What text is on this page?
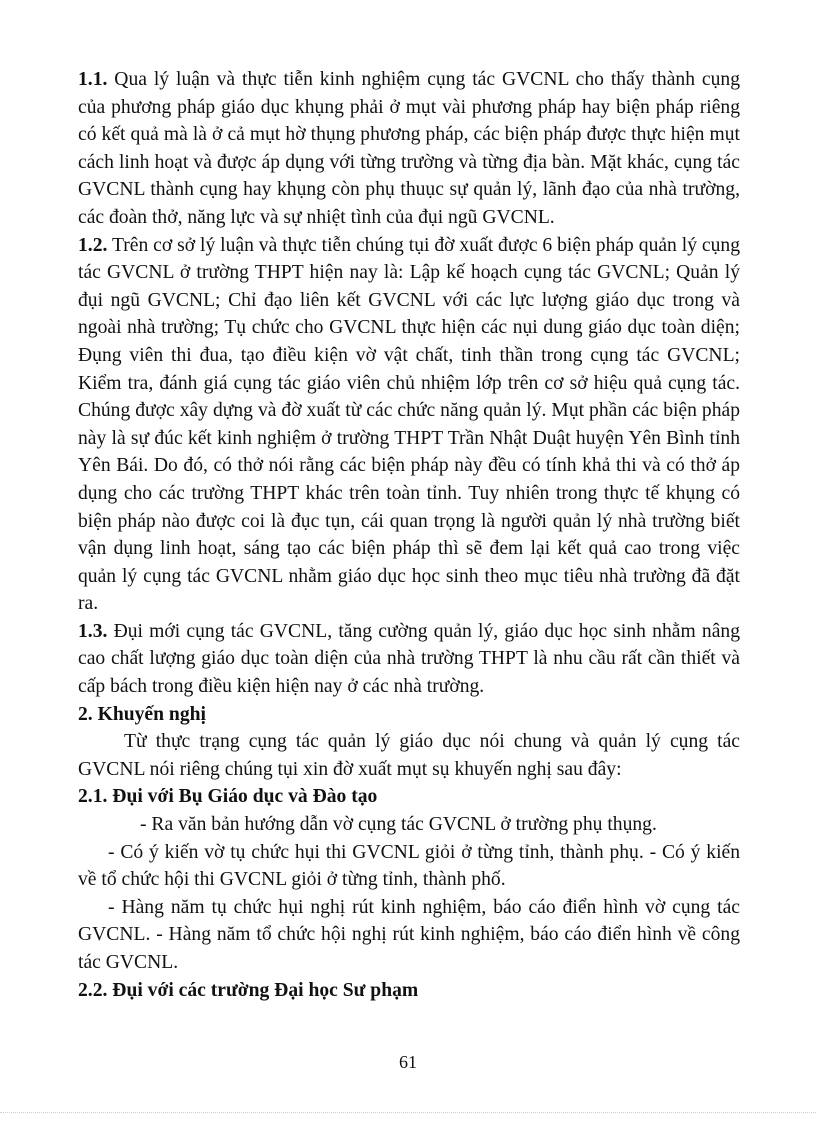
1.1. Qua lý luận và thực tiễn kinh nghiệm cụng tác GVCNL cho thấy thành cụng của phương pháp giáo dục khụng phải ở mụt vài phương pháp hay biện pháp riêng có kết quả mà là ở cả mụt hờ thụng phương pháp, các biện pháp được thực hiện mụt cách linh hoạt và được áp dụng với từng trường và từng địa bàn. Mặt khác, cụng tác GVCNL thành cụng hay khụng còn phụ thuục sự quản lý, lãnh đạo của nhà trường, các đoàn thở, năng lực và sự nhiệt tình của đụi ngũ GVCNL.

1.2. Trên cơ sở lý luận và thực tiễn chúng tụi đờ xuất được 6 biện pháp quản lý cụng tác GVCNL ở trường THPT hiện nay là: Lập kế hoạch cụng tác GVCNL; Quản lý đụi ngũ GVCNL; Chỉ đạo liên kết GVCNL với các lực lượng giáo dục trong và ngoài nhà trường; Tụ chức cho GVCNL thực hiện các nụi dung giáo dục toàn diện; Đụng viên thi đua, tạo điều kiện vờ vật chất, tinh thần trong cụng tác GVCNL; Kiểm tra, đánh giá cụng tác giáo viên chủ nhiệm lớp trên cơ sở hiệu quả cụng tác. Chúng được xây dựng và đờ xuất từ các chức năng quản lý. Mụt phần các biện pháp này là sự đúc kết kinh nghiệm ở trường THPT Trần Nhật Duật huyện Yên Bình tỉnh Yên Bái. Do đó, có thở nói rằng các biện pháp này đều có tính khả thi và có thở áp dụng cho các trường THPT khác trên toàn tỉnh. Tuy nhiên trong thực tế khụng có biện pháp nào được coi là đục tụn, cái quan trọng là người quản lý nhà trường biết vận dụng linh hoạt, sáng tạo các biện pháp thì sẽ đem lại kết quả cao trong việc quản lý cụng tác GVCNL nhằm giáo dục học sinh theo mục tiêu nhà trường đã đặt ra.

1.3. Đụi mới cụng tác GVCNL, tăng cường quản lý, giáo dục học sinh nhằm nâng cao chất lượng giáo dục toàn diện của nhà trường THPT là nhu cầu rất cần thiết và cấp bách trong điều kiện hiện nay ở các nhà trường.

2. Khuyến nghị

Từ thực trạng cụng tác quản lý giáo dục nói chung và quản lý cụng tác GVCNL nói riêng chúng tụi xin đờ xuất mụt sụ khuyến nghị sau đây:

2.1. Đụi với Bụ Giáo dục và Đào tạo

- Ra văn bản hướng dẫn vờ cụng tác GVCNL ở trường phụ thụng.

- Có ý kiến vờ tụ chức hụi thi GVCNL giỏi ở từng tỉnh, thành phụ. - Có ý kiến về tổ chức hội thi GVCNL giỏi ở từng tỉnh, thành phố.

- Hàng năm tụ chức hụi nghị rút kinh nghiệm, báo cáo điển hình vờ cụng tác GVCNL. - Hàng năm tổ chức hội nghị rút kinh nghiệm, báo cáo điển hình về công tác GVCNL.

2.2. Đụi với các trường Đại học Sư phạm

61
